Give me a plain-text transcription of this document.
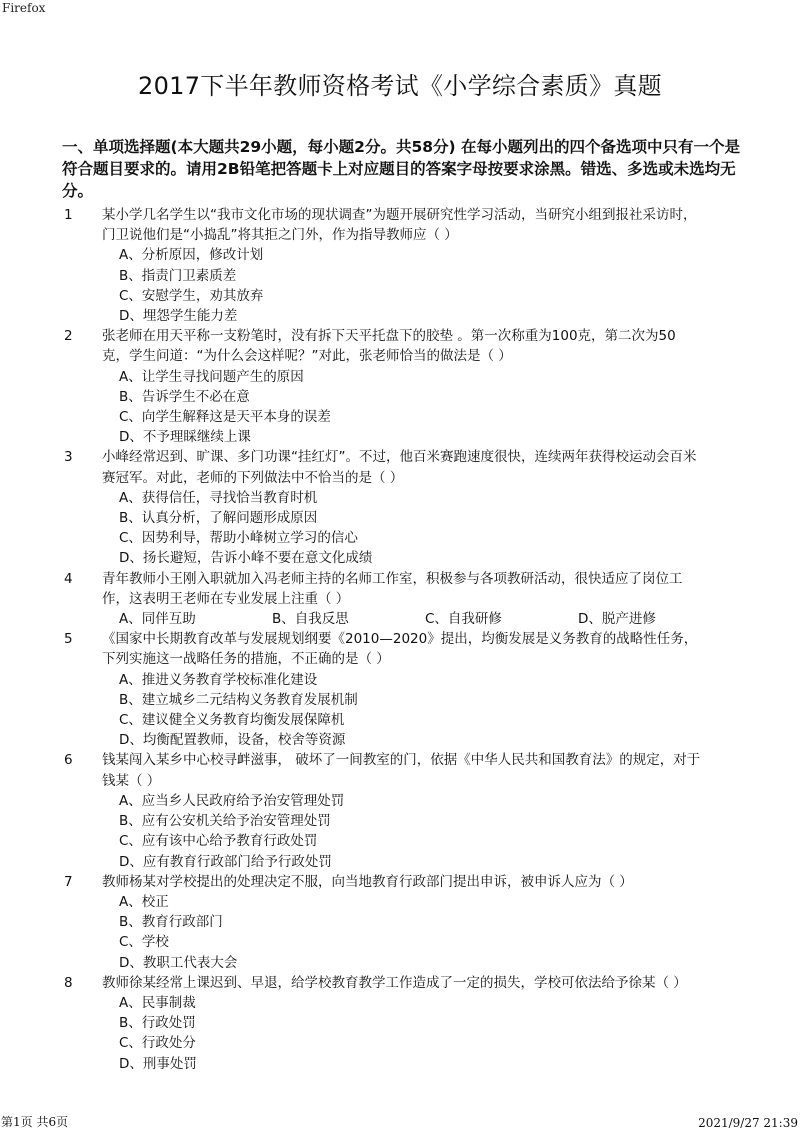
Firefox
2017下半年教师资格考试《小学综合素质》真题
一、单项选择题(本大题共29小题，每小题2分。共58分) 在每小题列出的四个备选项中只有一个是符合题目要求的。请用2B铅笔把答题卡上对应题目的答案字母按要求涂黑。错选、多选或未选均无分。
1 某小学几名学生以“我市文化市场的现状调查”为题开展研究性学习活动，当研究小组到报社采访时，门卫说他们是“小捣乱”将其拒之门外，作为指导教师应（ ）
A、分析原因，修改计划
B、指责门卫素质差
C、安慰学生，劝其放弃
D、埋怨学生能力差
2 张老师在用天平称一支粉笔时，没有拆下天平托盘下的胶垫 。第一次称重为100克，第二次为50克，学生问道：“为什么会这样呢？”对此，张老师恰当的做法是（ ）
A、让学生寻找问题产生的原因
B、告诉学生不必在意
C、向学生解释这是天平本身的误差
D、不予理睬继续上课
3 小峰经常迟到、旷课、多门功课“挂红灯”。不过，他百米赛跑速度很快，连续两年获得校运动会百米赛冠军。对此，老师的下列做法中不恰当的是（ ）
A、获得信任，寻找恰当教育时机
B、认真分析，了解问题形成原因
C、因势利导，帮助小峰树立学习的信心
D、扬长避短，告诉小峰不要在意文化成绩
4 青年教师小王刚入职就加入冯老师主持的名师工作室，积极参与各项教研活动，很快适应了岗位工作，这表明王老师在专业发展上注重（ ）
A、同伴互助	B、自我反思	C、自我研修	D、脱产进修
5 《国家中长期教育改革与发展规划纲要《2010—2020》提出，均衡发展是义务教育的战略性任务，下列实施这一战略任务的措施，不正确的是（ ）
A、推进义务教育学校标准化建设
B、建立城乡二元结构义务教育发展机制
C、建议健全义务教育均衡发展保障机
D、均衡配置教师，设备，校舍等资源
6 钱某闯入某乡中心校寻衅滋事， 破坏了一间教室的门，依据《中华人民共和国教育法》的规定，对于钱某（ ）
A、应当乡人民政府给予治安管理处罚
B、应有公安机关给予治安管理处罚
C、应有该中心给予教育行政处罚
D、应有教育行政部门给予行政处罚
7 教师杨某对学校提出的处理决定不服，向当地教育行政部门提出申诉，被申诉人应为（ ）
A、校正
B、教育行政部门
C、学校
D、教职工代表大会
8 教师徐某经常上课迟到、早退，给学校教育教学工作造成了一定的损失，学校可依法给予徐某（ ）
A、民事制裁
B、行政处罚
C、行政处分
D、刑事处罚
第1页 共6页	2021/9/27 21:39
